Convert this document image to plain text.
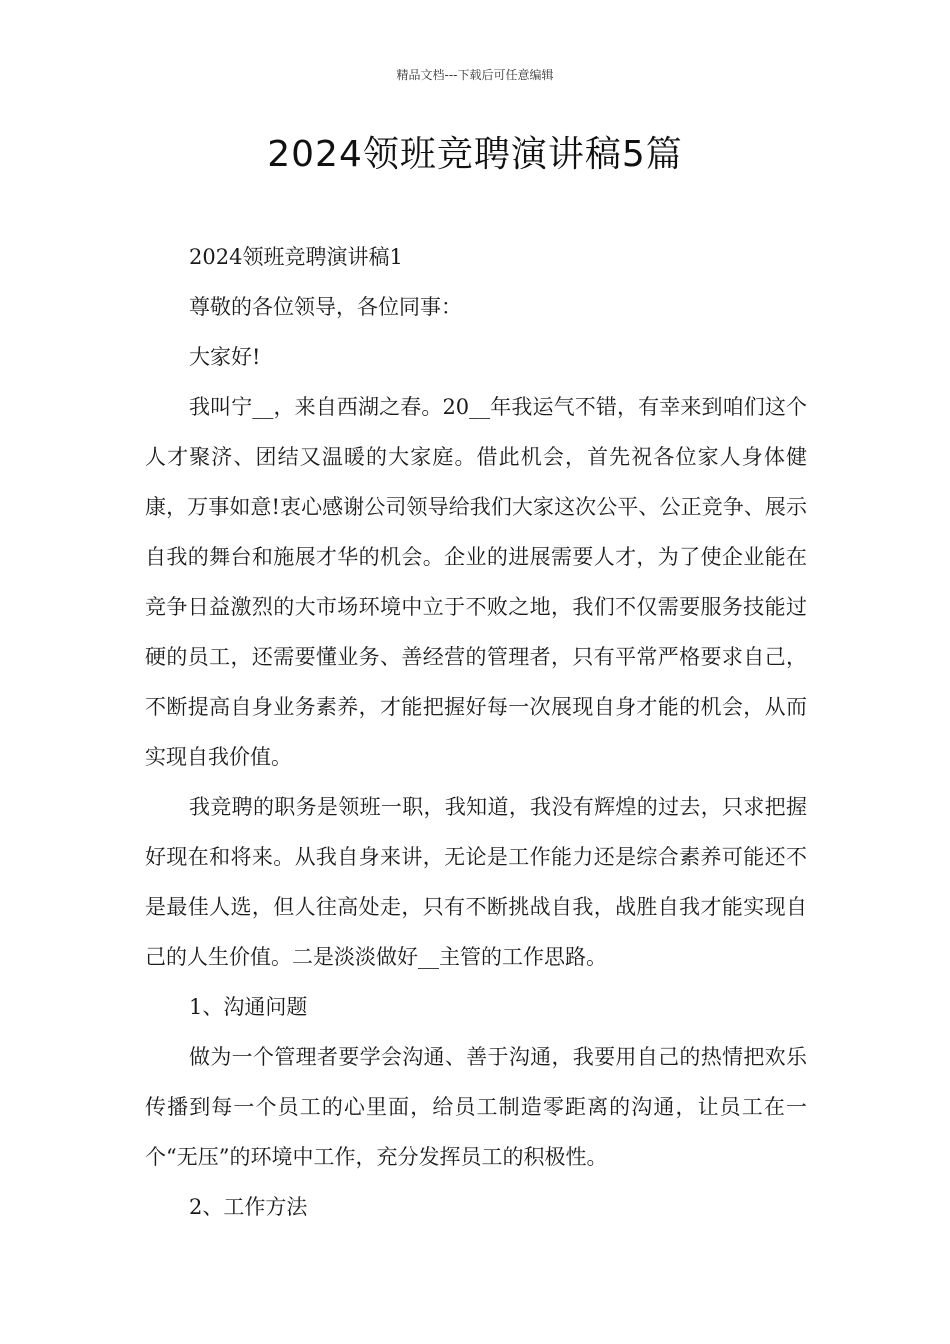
精品文档---下载后可任意编辑
2024领班竞聘演讲稿5篇

2024领班竞聘演讲稿1

尊敬的各位领导，各位同事：

大家好!

我叫宁__，来自西湖之春。20__年我运气不错，有幸来到咱们这个人才聚济、团结又温暖的大家庭。借此机会，首先祝各位家人身体健康，万事如意!衷心感谢公司领导给我们大家这次公平、公正竞争、展示自我的舞台和施展才华的机会。企业的进展需要人才，为了使企业能在竞争日益激烈的大市场环境中立于不败之地，我们不仅需要服务技能过硬的员工，还需要懂业务、善经营的管理者，只有平常严格要求自己，不断提高自身业务素养，才能把握好每一次展现自身才能的机会，从而实现自我价值。

我竞聘的职务是领班一职，我知道，我没有辉煌的过去，只求把握好现在和将来。从我自身来讲，无论是工作能力还是综合素养可能还不是最佳人选，但人往高处走，只有不断挑战自我，战胜自我才能实现自己的人生价值。二是淡淡做好__主管的工作思路。

1、沟通问题

做为一个管理者要学会沟通、善于沟通，我要用自己的热情把欢乐传播到每一个员工的心里面，给员工制造零距离的沟通，让员工在一个“无压”的环境中工作，充分发挥员工的积极性。

2、工作方法
